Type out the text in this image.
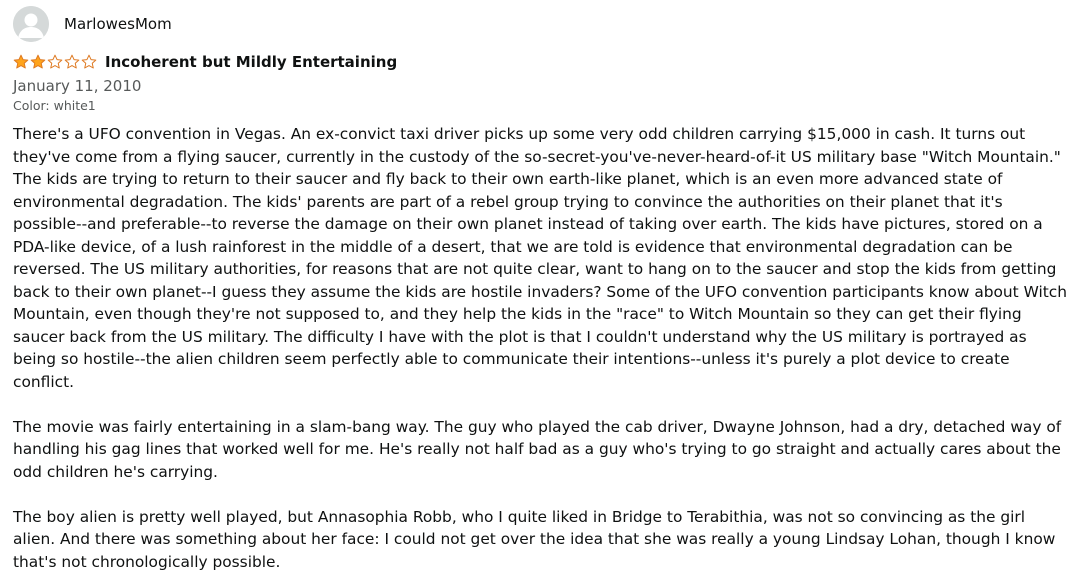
MarlowesMom
Incoherent but Mildly Entertaining
January 11, 2010
Color: white1

There's a UFO convention in Vegas. An ex-convict taxi driver picks up some very odd children carrying $15,000 in cash. It turns out they've come from a flying saucer, currently in the custody of the so-secret-you've-never-heard-of-it US military base "Witch Mountain." The kids are trying to return to their saucer and fly back to their own earth-like planet, which is an even more advanced state of environmental degradation. The kids' parents are part of a rebel group trying to convince the authorities on their planet that it's possible--and preferable--to reverse the damage on their own planet instead of taking over earth. The kids have pictures, stored on a PDA-like device, of a lush rainforest in the middle of a desert, that we are told is evidence that environmental degradation can be reversed. The US military authorities, for reasons that are not quite clear, want to hang on to the saucer and stop the kids from getting back to their own planet--I guess they assume the kids are hostile invaders? Some of the UFO convention participants know about Witch Mountain, even though they're not supposed to, and they help the kids in the "race" to Witch Mountain so they can get their flying saucer back from the US military. The difficulty I have with the plot is that I couldn't understand why the US military is portrayed as being so hostile--the alien children seem perfectly able to communicate their intentions--unless it's purely a plot device to create conflict.

The movie was fairly entertaining in a slam-bang way. The guy who played the cab driver, Dwayne Johnson, had a dry, detached way of handling his gag lines that worked well for me. He's really not half bad as a guy who's trying to go straight and actually cares about the odd children he's carrying.

The boy alien is pretty well played, but Annasophia Robb, who I quite liked in Bridge to Terabithia, was not so convincing as the girl alien. And there was something about her face: I could not get over the idea that she was really a young Lindsay Lohan, though I know that's not chronologically possible.
